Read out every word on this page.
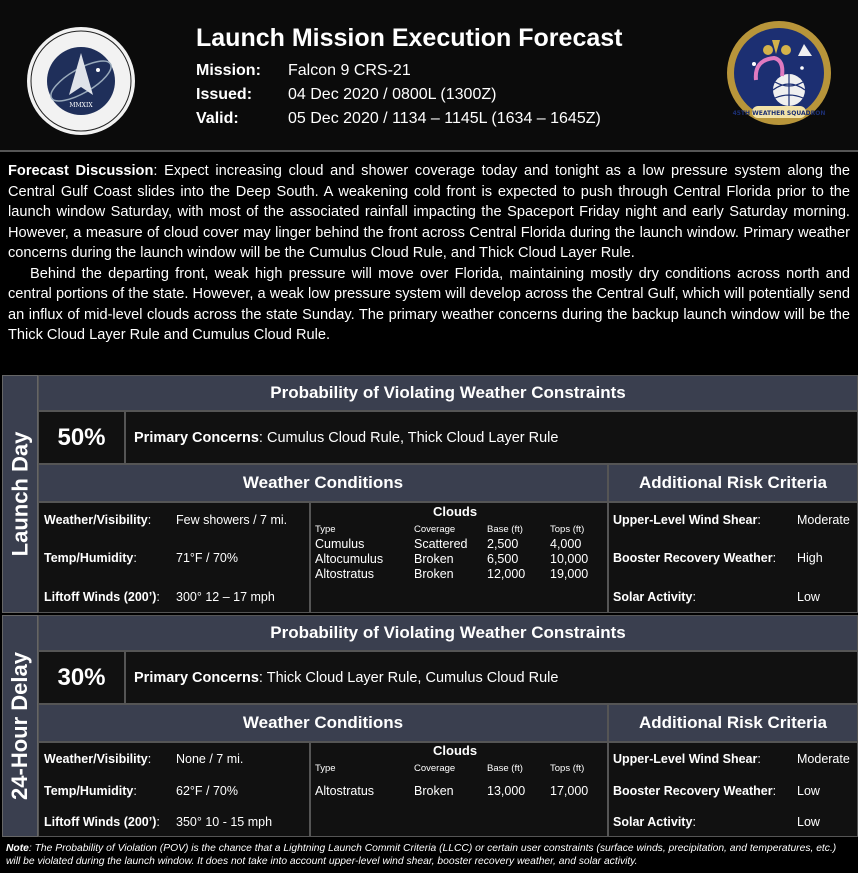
MMXIX
Launch Mission Execution Forecast
Mission: Falcon 9 CRS-21
Issued: 04 Dec 2020 / 0800L (1300Z)
Valid:	05 Dec 2020 / 1134 – 1145L (1634 – 1645Z)	45TH WEATHER SQUADRON

Forecast Discussion: Expect increasing cloud and shower coverage today and tonight as a low pressure system along the Central Gulf Coast slides into the Deep South. A weakening cold front is expected to push through Central Florida prior to the launch window Saturday, with most of the associated rainfall impacting the Spaceport Friday night and early Saturday morning. However, a measure of cloud cover may linger behind the front across Central Florida during the launch window. Primary weather concerns during the launch window will be the Cumulus Cloud Rule, and Thick Cloud Layer Rule.

Behind the departing front, weak high pressure will move over Florida, maintaining mostly dry conditions across north and central portions of the state. However, a weak low pressure system will develop across the Central Gulf, which will potentially send an influx of mid-level clouds across the state Sunday. The primary weather concerns during the backup launch window will be the Thick Cloud Layer Rule and Cumulus Cloud Rule.

Launch Day
Probability of Violating Weather Constraints
50%	Primary Concerns : Cumulus Cloud Rule, Thick Cloud Layer Rule
Weather Conditions	Additional Risk Criteria
Weather/Visibility: Few showers / 7 mi.
Temp/Humidity:	71°F / 70%
Liftoff Winds (200’): 300° 12 – 17 mph
Clouds
Type	Coverage	Base (ft)	Tops (ft)
Cumulus	Scattered 2,500	4,000
Altocumulus Broken	6,500	10,000
Altostratus	Broken	12,000 19,000
Upper-Level Wind Shear:	Moderate
Booster Recovery Weather: High
Solar Activity:	Low
24-Hour Delay
Probability of Violating Weather Constraints
30%	Primary Concerns : Thick Cloud Layer Rule, Cumulus Cloud Rule
Weather Conditions	Additional Risk Criteria
Weather/Visibility: None / 7 mi.
Temp/Humidity:	62°F / 70%
Liftoff Winds (200’): 350° 10 - 15 mph
Clouds
Type	Coverage	Base (ft)	Tops (ft)
Altostratus	Broken	13,000 17,000
Upper-Level Wind Shear:	Moderate
Booster Recovery Weather: Low
Solar Activity:	Low
Note: The Probability of Violation (POV) is the chance that a Lightning Launch Commit Criteria (LLCC) or certain user constraints (surface winds, precipitation, and temperatures, etc.) will be violated during the launch window. It does not take into account upper-level wind shear, booster recovery weather, and solar activity.
